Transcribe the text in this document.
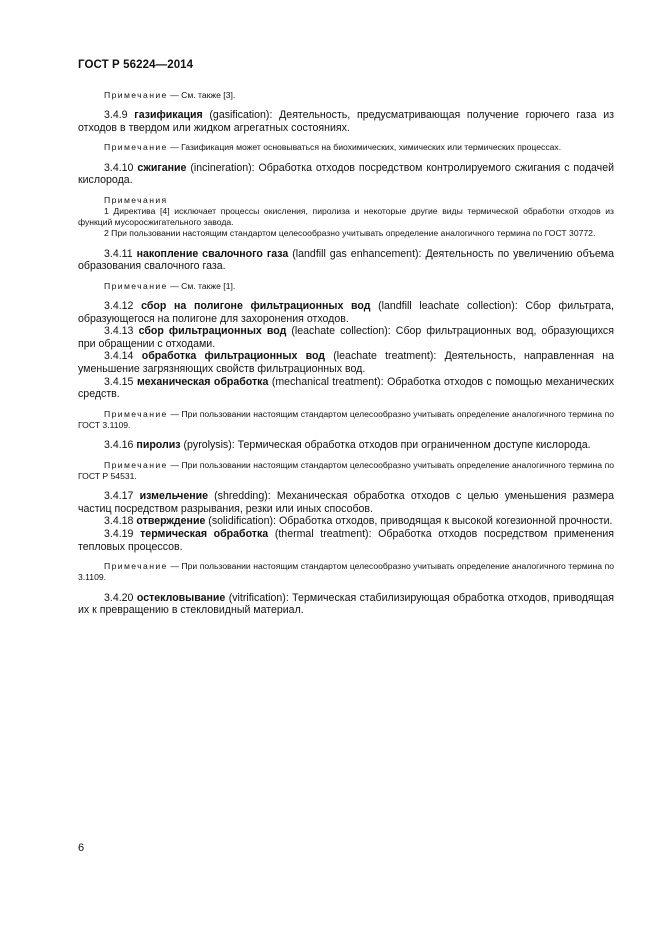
ГОСТ Р 56224—2014

Примечание — См. также [3].

3.4.9 газификация (gasification): Деятельность, предусматривающая получение горючего газа из отходов в твердом или жидком агрегатных состояниях.

Примечание — Газификация может основываться на биохимических, химических или термических процессах.

3.4.10 сжигание (incineration): Обработка отходов посредством контролируемого сжигания с подачей кислорода.

Примечания

1 Директива [4] исключает процессы окисления, пиролиза и некоторые другие виды термической обработки отходов из функций мусоросжигательного завода.

2 При пользовании настоящим стандартом целесообразно учитывать определение аналогичного термина по ГОСТ 30772.

3.4.11 накопление свалочного газа (landfill gas enhancement): Деятельность по увеличению объема образования свалочного газа.

Примечание — См. также [1].

3.4.12 сбор на полигоне фильтрационных вод (landfill leachate collection): Сбор фильтрата, образующегося на полигоне для захоронения отходов.

3.4.13 сбор фильтрационных вод (leachate collection): Сбор фильтрационных вод, образующихся при обращении с отходами.

3.4.14 обработка фильтрационных вод (leachate treatment): Деятельность, направленная на уменьшение загрязняющих свойств фильтрационных вод.

3.4.15 механическая обработка (mechanical treatment): Обработка отходов с помощью механических средств.

Примечание — При пользовании настоящим стандартом целесообразно учитывать определение аналогичного термина по ГОСТ 3.1109.

3.4.16 пиролиз (pyrolysis): Термическая обработка отходов при ограниченном доступе кислорода.

Примечание — При пользовании настоящим стандартом целесообразно учитывать определение аналогичного термина по ГОСТ Р 54531.

3.4.17 измельчение (shredding): Механическая обработка отходов с целью уменьшения размера частиц посредством разрывания, резки или иных способов.

3.4.18 отверждение (solidification): Обработка отходов, приводящая к высокой когезионной прочности.

3.4.19 термическая обработка (thermal treatment): Обработка отходов посредством применения тепловых процессов.

Примечание — При пользовании настоящим стандартом целесообразно учитывать определение аналогичного термина по 3.1109.

3.4.20 остекловывание (vitrification): Термическая стабилизирующая обработка отходов, приводящая их к превращению в стекловидный материал.

6
